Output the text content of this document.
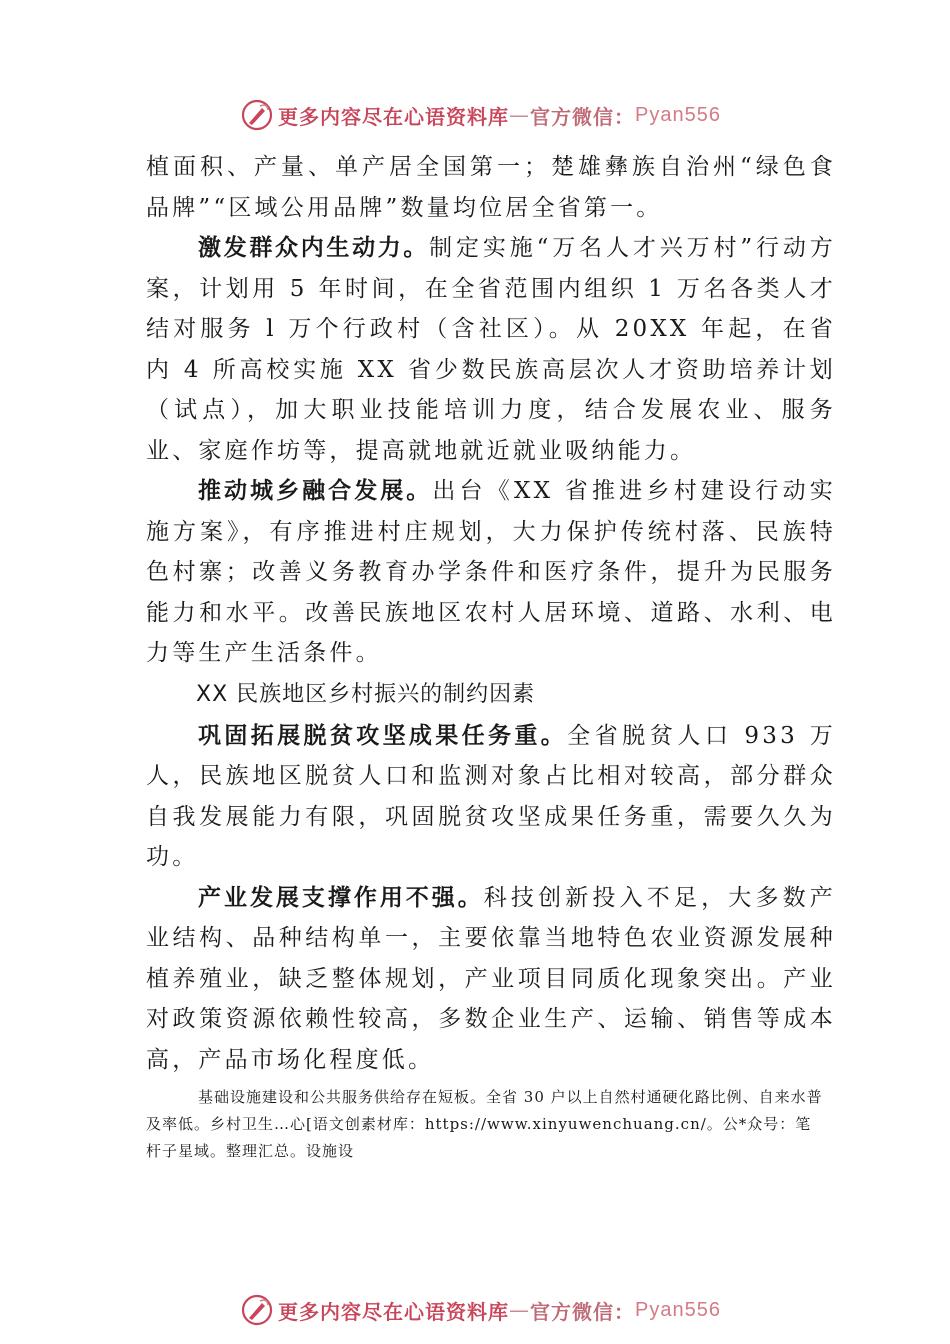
更多内容尽在心语资料库 — 官方微信： Pyan556

植面积、产量、单产居全国第一；楚雄彝族自治州“绿色食品牌”“区域公用品牌”数量均位居全省第一。

激发群众内生动力。制定实施“万名人才兴万村”行动方案，计划用 5 年时间，在全省范围内组织 1 万名各类人才结对服务 l 万个行政村（含社区）。从 20XX 年起，在省内 4 所高校实施 XX 省少数民族高层次人才资助培养计划（试点），加大职业技能培训力度，结合发展农业、服务业、家庭作坊等，提高就地就近就业吸纳能力。

推动城乡融合发展。出台《XX 省推进乡村建设行动实施方案》，有序推进村庄规划，大力保护传统村落、民族特色村寨；改善义务教育办学条件和医疗条件，提升为民服务能力和水平。改善民族地区农村人居环境、道路、水利、电力等生产生活条件。

XX 民族地区乡村振兴的制约因素

巩固拓展脱贫攻坚成果任务重。全省脱贫人口 933 万人，民族地区脱贫人口和监测对象占比相对较高，部分群众自我发展能力有限，巩固脱贫攻坚成果任务重，需要久久为功。

产业发展支撑作用不强。科技创新投入不足，大多数产业结构、品种结构单一，主要依靠当地特色农业资源发展种植养殖业，缺乏整体规划，产业项目同质化现象突出。产业对政策资源依赖性较高，多数企业生产、运输、销售等成本高，产品市场化程度低。

基础设施建设和公共服务供给存在短板。全省 30 户以上自然村通硬化路比例、自来水普及率低。乡村卫生…心[语文创素材库：https://www.xinyuwenchuang.cn/。公*众号：笔杆子星域。整理汇总。设施设

更多内容尽在心语资料库 — 官方微信： Pyan556
